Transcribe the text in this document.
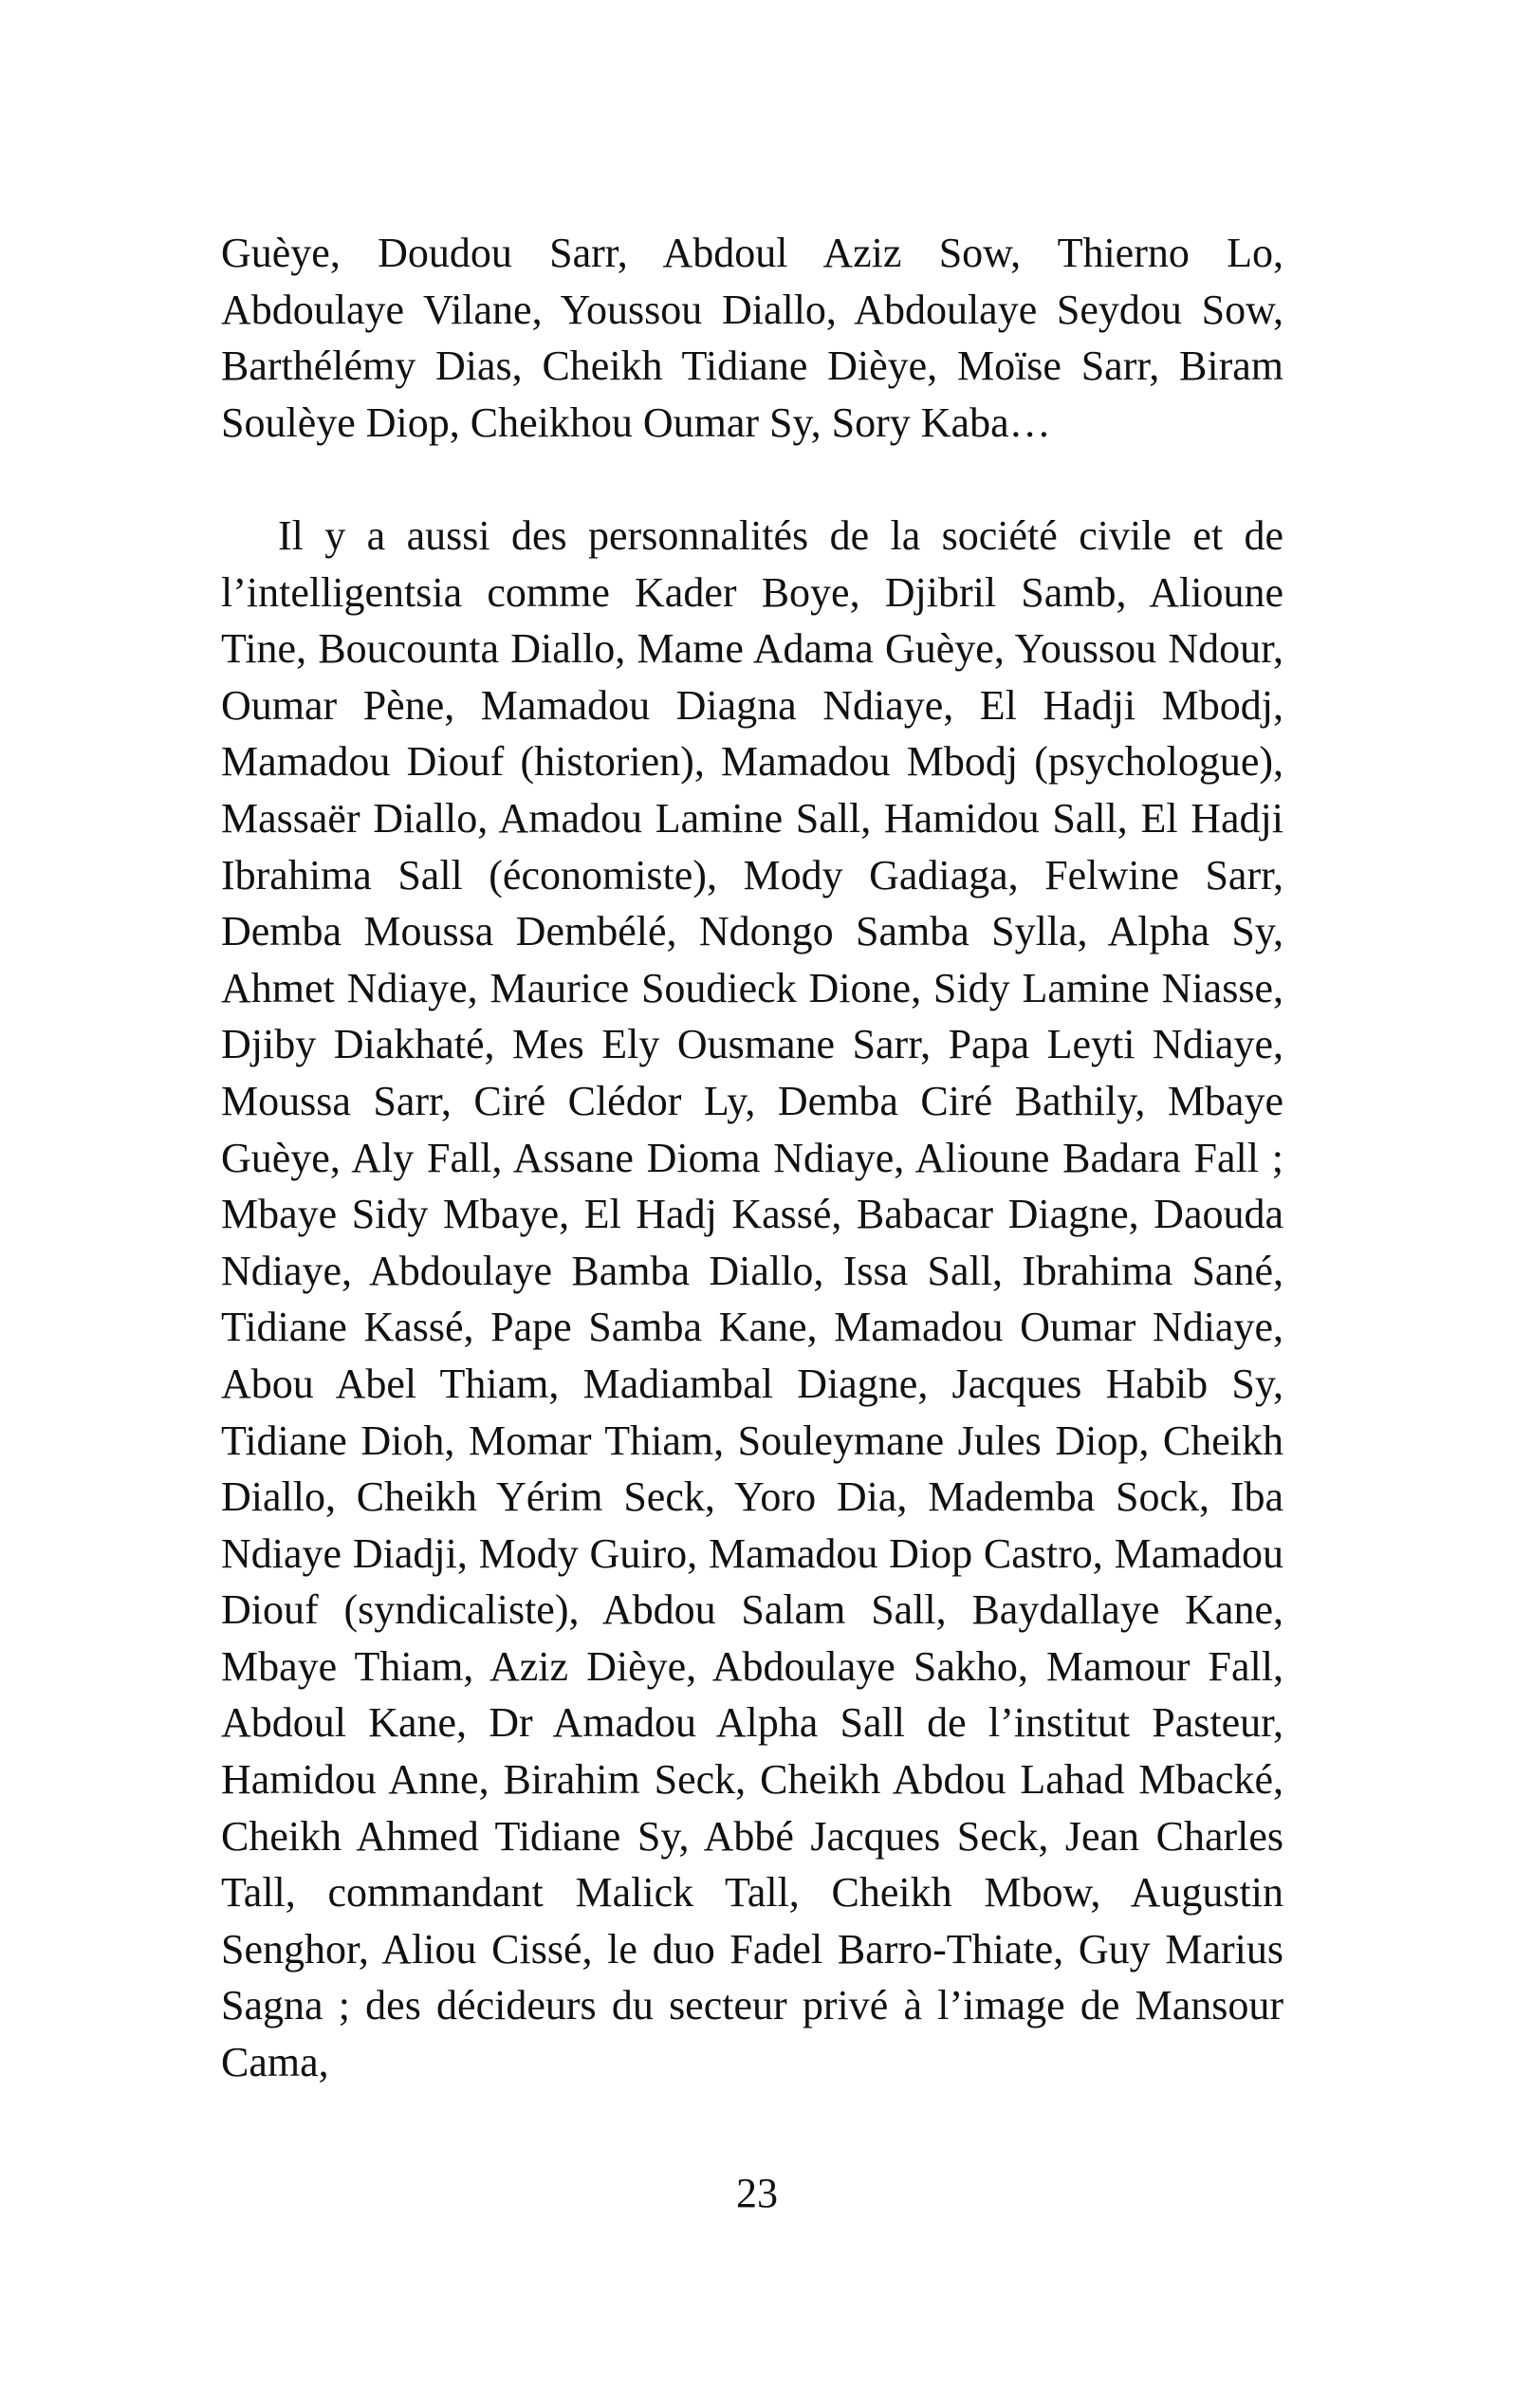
Guèye, Doudou Sarr, Abdoul Aziz Sow, Thierno Lo, Abdoulaye Vilane, Youssou Diallo, Abdoulaye Seydou Sow, Barthélémy Dias, Cheikh Tidiane Dièye, Moïse Sarr, Biram Soulèye Diop, Cheikhou Oumar Sy, Sory Kaba…

Il y a aussi des personnalités de la société civile et de l’intelligentsia comme Kader Boye, Djibril Samb, Alioune Tine, Boucounta Diallo, Mame Adama Guèye, Youssou Ndour, Oumar Pène, Mamadou Diagna Ndiaye, El Hadji Mbodj, Mamadou Diouf (historien), Mamadou Mbodj (psychologue), Massaër Diallo, Amadou Lamine Sall, Hamidou Sall, El Hadji Ibrahima Sall (économiste), Mody Gadiaga, Felwine Sarr, Demba Moussa Dembélé, Ndongo Samba Sylla, Alpha Sy, Ahmet Ndiaye, Maurice Soudieck Dione, Sidy Lamine Niasse, Djiby Diakhaté, Mes Ely Ousmane Sarr, Papa Leyti Ndiaye, Moussa Sarr, Ciré Clédor Ly, Demba Ciré Bathily, Mbaye Guèye, Aly Fall, Assane Dioma Ndiaye, Alioune Badara Fall ; Mbaye Sidy Mbaye, El Hadj Kassé, Babacar Diagne, Daouda Ndiaye, Abdoulaye Bamba Diallo, Issa Sall, Ibrahima Sané, Tidiane Kassé, Pape Samba Kane, Mamadou Oumar Ndiaye, Abou Abel Thiam, Madiambal Diagne, Jacques Habib Sy, Tidiane Dioh, Momar Thiam, Souleymane Jules Diop, Cheikh Diallo, Cheikh Yérim Seck, Yoro Dia, Mademba Sock, Iba Ndiaye Diadji, Mody Guiro, Mamadou Diop Castro, Mamadou Diouf (syndicaliste), Abdou Salam Sall, Baydallaye Kane, Mbaye Thiam, Aziz Dièye, Abdoulaye Sakho, Mamour Fall, Abdoul Kane, Dr Amadou Alpha Sall de l’institut Pasteur, Hamidou Anne, Birahim Seck, Cheikh Abdou Lahad Mbacké, Cheikh Ahmed Tidiane Sy, Abbé Jacques Seck, Jean Charles Tall, commandant Malick Tall, Cheikh Mbow, Augustin Senghor, Aliou Cissé, le duo Fadel Barro-Thiate, Guy Marius Sagna ; des décideurs du secteur privé à l’image de Mansour Cama,

23
